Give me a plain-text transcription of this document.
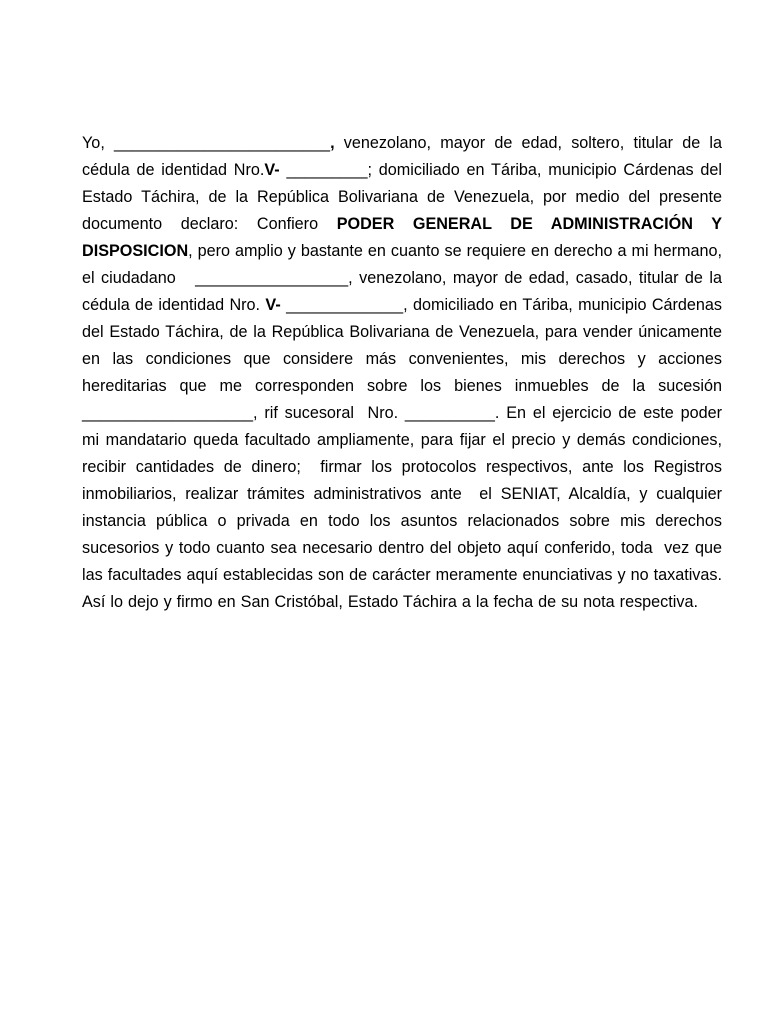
Yo, ________________________, venezolano, mayor de edad, soltero, titular de la cédula de identidad Nro.V- _________; domiciliado en Táriba, municipio Cárdenas del Estado Táchira, de la República Bolivariana de Venezuela, por medio del presente documento declaro: Confiero PODER GENERAL DE ADMINISTRACIÓN Y DISPOSICION, pero amplio y bastante en cuanto se requiere en derecho a mi hermano, el ciudadano   _________________, venezolano, mayor de edad, casado, titular de la cédula de identidad Nro. V- _____________, domiciliado en Táriba, municipio Cárdenas del Estado Táchira, de la República Bolivariana de Venezuela, para vender únicamente en las condiciones que considere más convenientes, mis derechos y acciones hereditarias que me corresponden sobre los bienes inmuebles de la sucesión ___________________, rif sucesoral  Nro. __________. En el ejercicio de este poder mi mandatario queda facultado ampliamente, para fijar el precio y demás condiciones, recibir cantidades de dinero;  firmar los protocolos respectivos, ante los Registros inmobiliarios, realizar trámites administrativos ante  el SENIAT, Alcaldía, y cualquier instancia pública o privada en todo los asuntos relacionados sobre mis derechos sucesorios y todo cuanto sea necesario dentro del objeto aquí conferido, toda  vez que las facultades aquí establecidas son de carácter meramente enunciativas y no taxativas. Así lo dejo y firmo en San Cristóbal, Estado Táchira a la fecha de su nota respectiva.
